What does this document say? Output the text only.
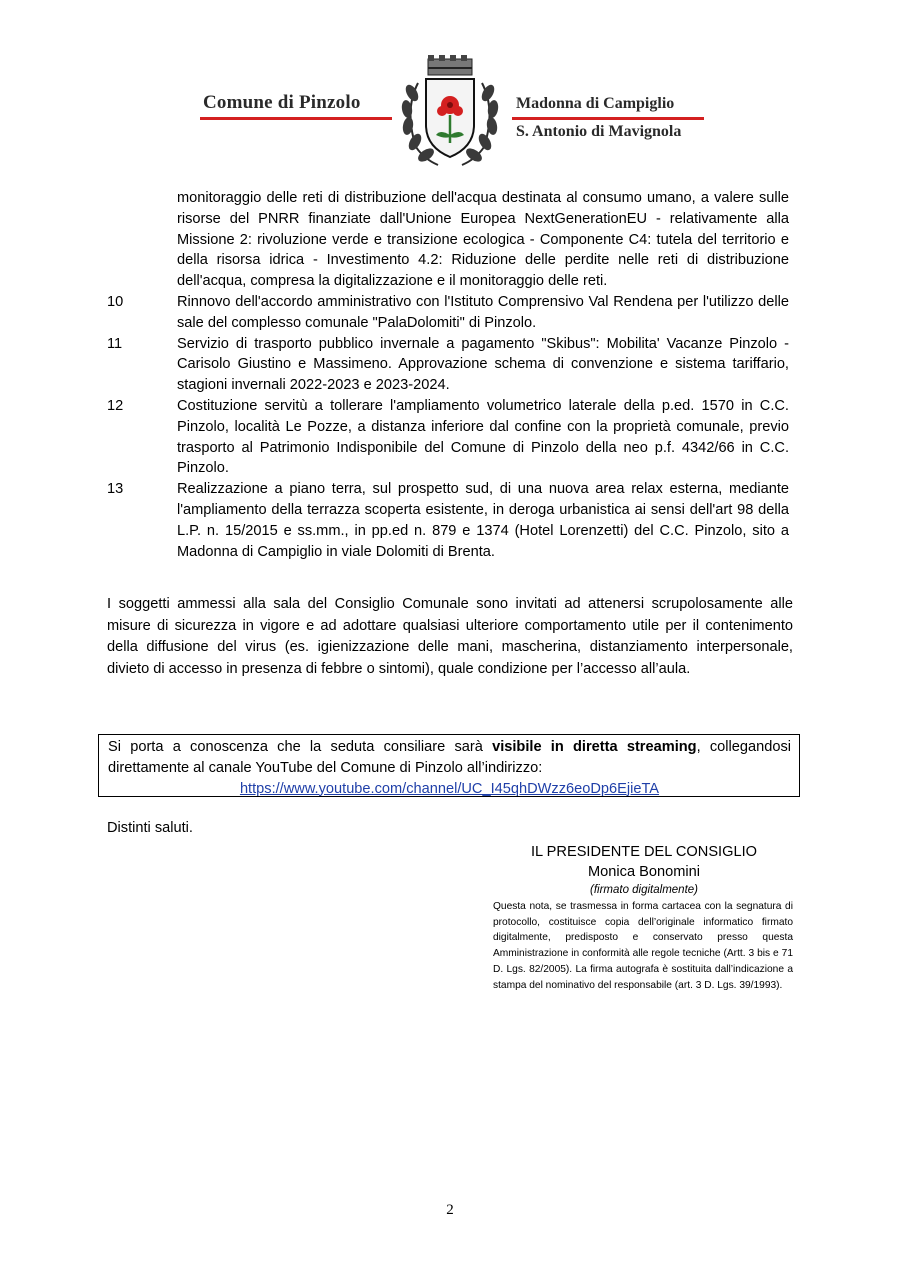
Comune di Pinzolo	Madonna di Campiglio
S. Antonio di Mavignola
monitoraggio delle reti di distribuzione dell'acqua destinata al consumo umano, a valere sulle risorse del PNRR finanziate dall'Unione Europea NextGenerationEU - relativamente alla Missione 2: rivoluzione verde e transizione ecologica - Componente C4: tutela del territorio e della risorsa idrica - Investimento 4.2: Riduzione delle perdite nelle reti di distribuzione dell'acqua, compresa la digitalizzazione e il monitoraggio delle reti.
10	Rinnovo dell'accordo amministrativo con l'Istituto Comprensivo Val Rendena per l'utilizzo delle sale del complesso comunale "PalaDolomiti" di Pinzolo.
11	Servizio di trasporto pubblico invernale a pagamento "Skibus": Mobilita' Vacanze Pinzolo - Carisolo Giustino e Massimeno. Approvazione schema di convenzione e sistema tariffario, stagioni invernali 2022-2023 e 2023-2024.
12	Costituzione servitù a tollerare l'ampliamento volumetrico laterale della p.ed. 1570 in C.C. Pinzolo, località Le Pozze, a distanza inferiore dal confine con la proprietà comunale, previo trasporto al Patrimonio Indisponibile del Comune di Pinzolo della neo p.f. 4342/66 in C.C. Pinzolo.
13	Realizzazione a piano terra, sul prospetto sud, di una nuova area relax esterna, mediante l'ampliamento della terrazza scoperta esistente, in deroga urbanistica ai sensi dell'art 98 della L.P. n. 15/2015 e ss.mm., in pp.ed n. 879 e 1374 (Hotel Lorenzetti) del C.C. Pinzolo, sito a Madonna di Campiglio in viale Dolomiti di Brenta.
I soggetti ammessi alla sala del Consiglio Comunale sono invitati ad attenersi scrupolosamente alle misure di sicurezza in vigore e ad adottare qualsiasi ulteriore comportamento utile per il contenimento della diffusione del virus (es. igienizzazione delle mani, mascherina, distanziamento interpersonale, divieto di accesso in presenza di febbre o sintomi), quale condizione per l’accesso all’aula.
Si porta a conoscenza che la seduta consiliare sarà visibile in diretta streaming, collegandosi direttamente al canale YouTube del Comune di Pinzolo all’indirizzo:
https://www.youtube.com/channel/UC_I45qhDWzz6eoDp6EjieTA
Distinti saluti.
IL PRESIDENTE DEL CONSIGLIO
Monica Bonomini
(firmato digitalmente)
Questa nota, se trasmessa in forma cartacea con la segnatura di protocollo, costituisce copia dell’originale informatico firmato digitalmente, predisposto e conservato presso questa Amministrazione in conformità alle regole tecniche (Artt. 3 bis e 71 D. Lgs. 82/2005). La firma autografa è sostituita dall’indicazione a stampa del nominativo del responsabile (art. 3 D. Lgs. 39/1993).
2
